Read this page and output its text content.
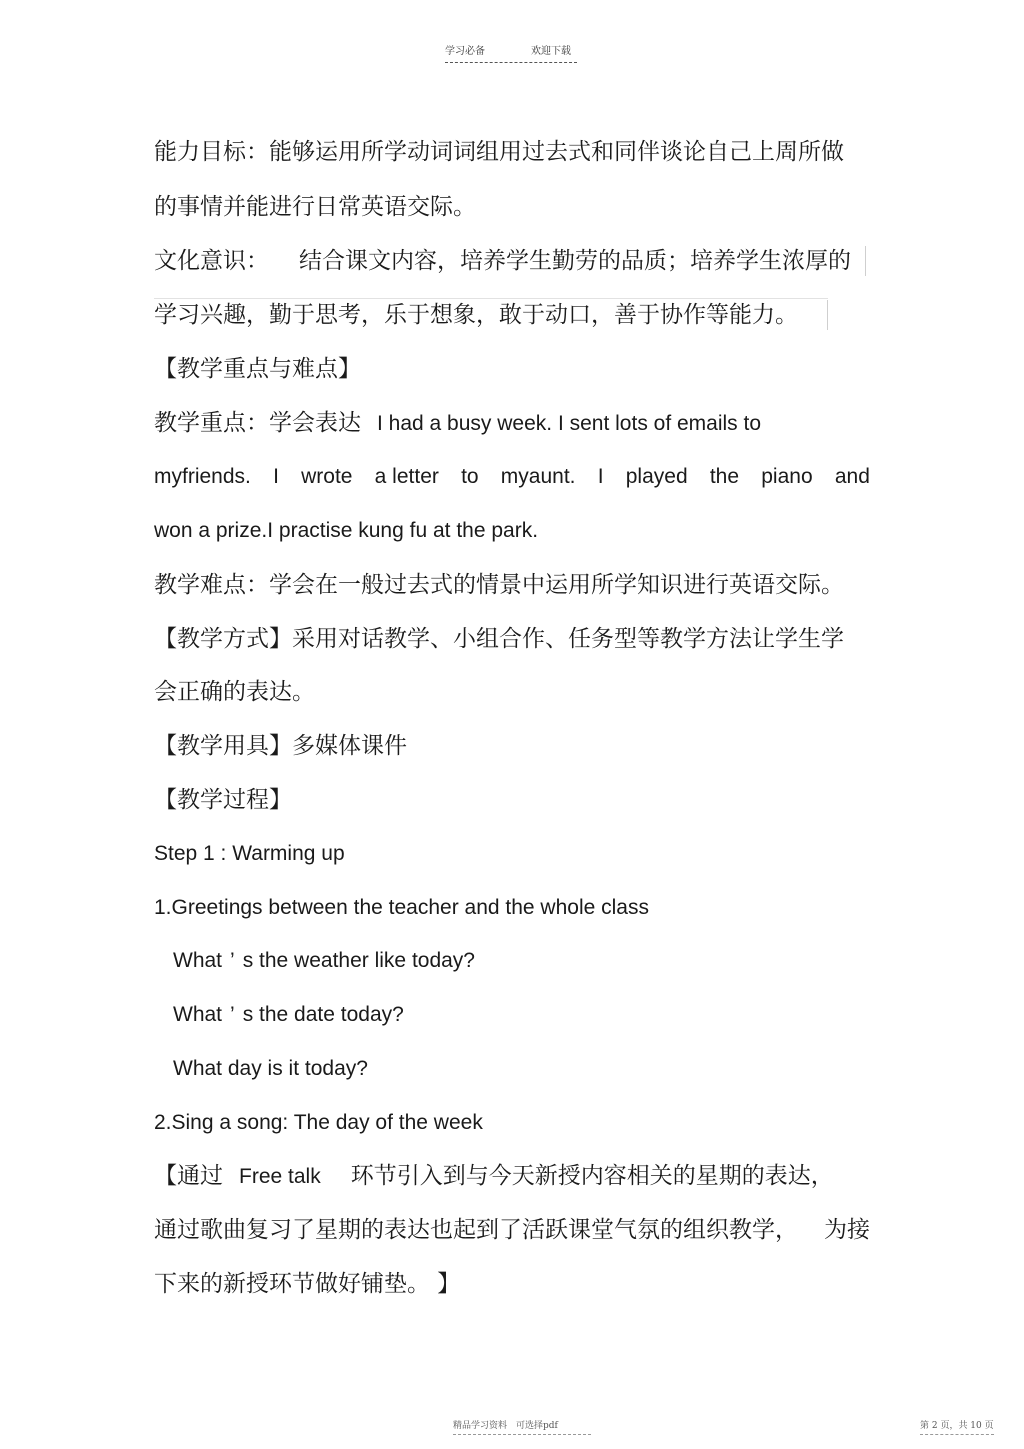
学习必备	欢迎下载
能力目标：能够运用所学动词词组用过去式和同伴谈论自己上周所做
的事情并能进行日常英语交际。
文化意识： 结合课文内容，培养学生勤劳的品质；培养学生浓厚的
学习兴趣，勤于思考，乐于想象，敢于动口，善于协作等能力。
【教学重点与难点】
教学重点：学会表达 I had a busy week. I sent lots of emails to
myfriends. I wrote a letter to myaunt. I played the piano and
won a prize.I practise kung fu at the park.
教学难点：学会在一般过去式的情景中运用所学知识进行英语交际。
【教学方式】采用对话教学、小组合作、任务型等教学方法让学生学
会正确的表达。
【教学用具】多媒体课件
【教学过程】
Step 1 : Warming up
1.Greetings between the teacher and the whole class
What ’ s the weather like today?
What ’ s the date today?
What day is it today?
2.Sing a song: The day of the week
【通过 Free talk 环节引入到与今天新授内容相关的星期的表达，
通过歌曲复习了星期的表达也起到了活跃课堂气氛的组织教学， 为接
下来的新授环节做好铺垫。 】
精品学习资料　可选择pdf	第 2 页，共 10 页
